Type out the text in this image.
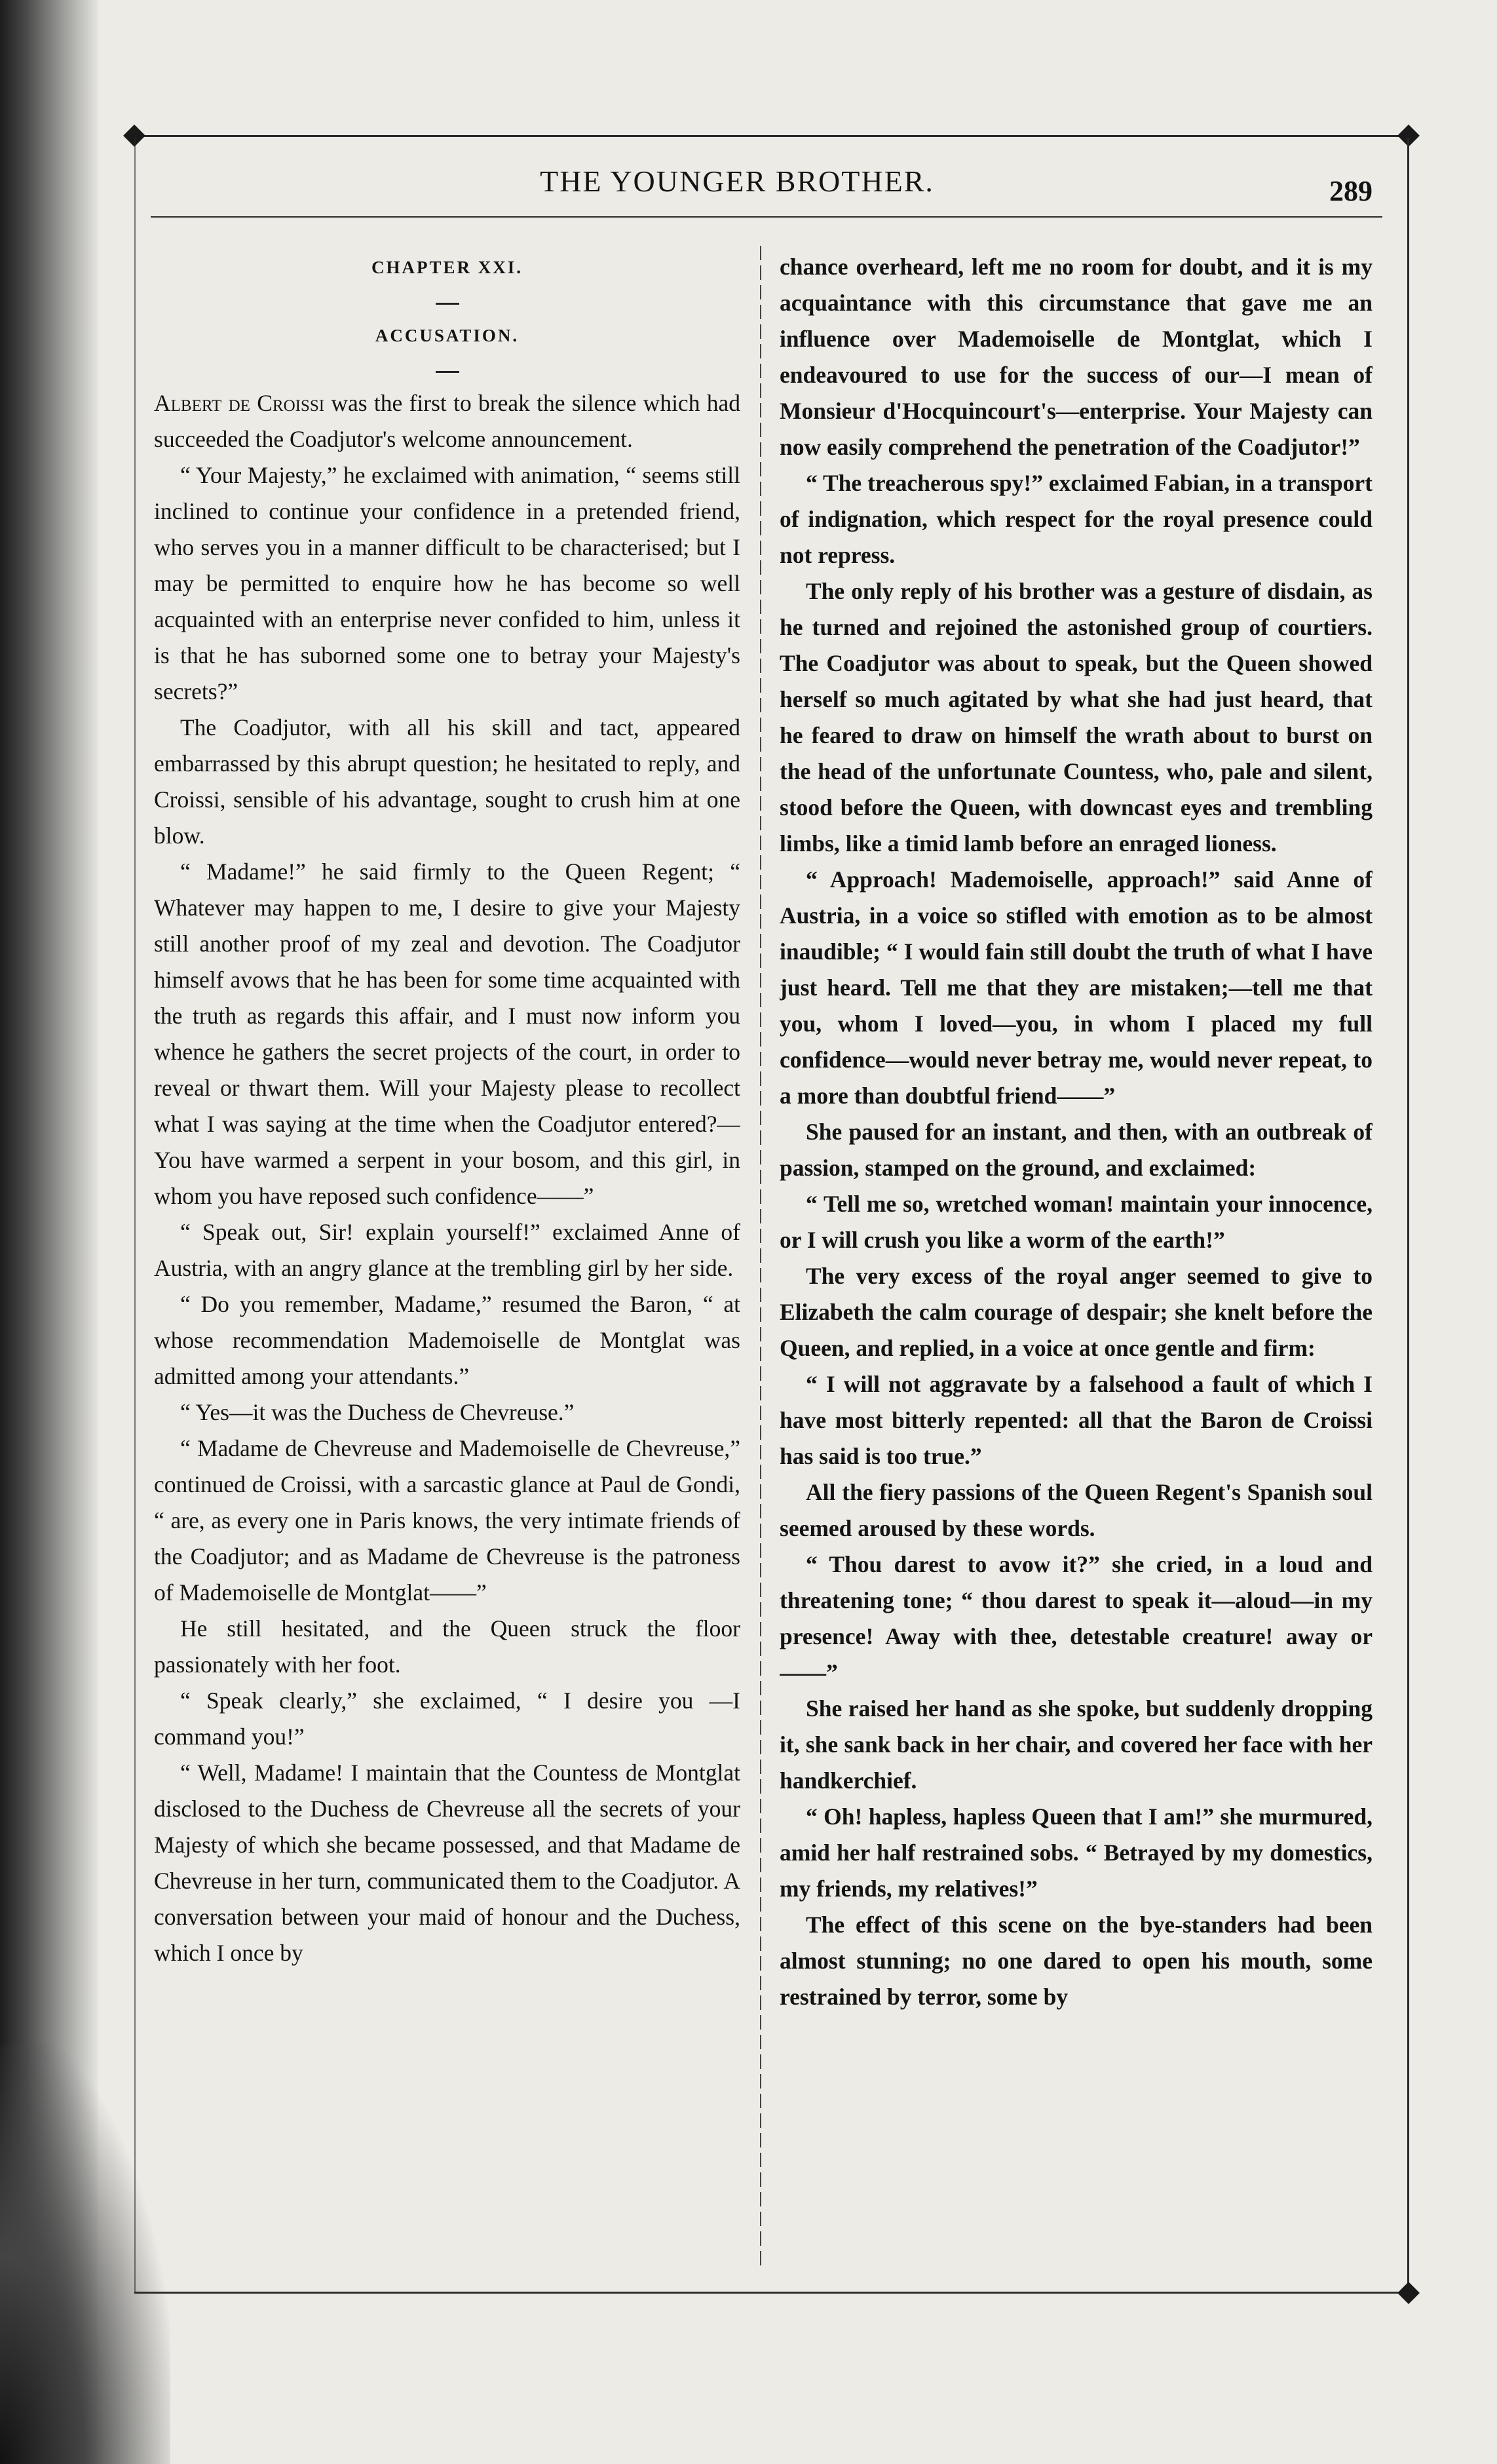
THE YOUNGER BROTHER.	289

CHAPTER XXI.

ACCUSATION.

Albert de Croissi was the first to break the silence which had succeeded the Coadjutor's welcome announcement.

“ Your Majesty,” he exclaimed with animation, “ seems still inclined to continue your confidence in a pretended friend, who serves you in a manner difficult to be characterised; but I may be permitted to enquire how he has become so well acquainted with an enterprise never confided to him, unless it is that he has suborned some one to betray your Majesty's secrets?”

The Coadjutor, with all his skill and tact, appeared embarrassed by this abrupt question; he hesitated to reply, and Croissi, sensible of his advantage, sought to crush him at one blow.

“ Madame!” he said firmly to the Queen Regent; “ Whatever may happen to me, I desire to give your Majesty still another proof of my zeal and devotion. The Coadjutor himself avows that he has been for some time acquainted with the truth as regards this affair, and I must now inform you whence he gathers the secret projects of the court, in order to reveal or thwart them. Will your Majesty please to recollect what I was saying at the time when the Coadjutor entered?—You have warmed a serpent in your bosom, and this girl, in whom you have reposed such confidence——”

“ Speak out, Sir! explain yourself!” exclaimed Anne of Austria, with an angry glance at the trembling girl by her side.

“ Do you remember, Madame,” resumed the Baron, “ at whose recommendation Mademoiselle de Montglat was admitted among your attendants.”

“ Yes—it was the Duchess de Chevreuse.”

“ Madame de Chevreuse and Mademoiselle de Chevreuse,” continued de Croissi, with a sarcastic glance at Paul de Gondi, “ are, as every one in Paris knows, the very intimate friends of the Coadjutor; and as Madame de Chevreuse is the patroness of Mademoiselle de Montglat——”

He still hesitated, and the Queen struck the floor passionately with her foot.

“ Speak clearly,” she exclaimed, “ I desire you —I command you!”

“ Well, Madame! I maintain that the Countess de Montglat disclosed to the Duchess de Chevreuse all the secrets of your Majesty of which she became possessed, and that Madame de Chevreuse in her turn, communicated them to the Coadjutor. A conversation between your maid of honour and the Duchess, which I once by

chance overheard, left me no room for doubt, and it is my acquaintance with this circumstance that gave me an influence over Mademoiselle de Montglat, which I endeavoured to use for the success of our—I mean of Monsieur d'Hocquincourt's—enterprise. Your Majesty can now easily comprehend the penetration of the Coadjutor!”

“ The treacherous spy!” exclaimed Fabian, in a transport of indignation, which respect for the royal presence could not repress.

The only reply of his brother was a gesture of disdain, as he turned and rejoined the astonished group of courtiers. The Coadjutor was about to speak, but the Queen showed herself so much agitated by what she had just heard, that he feared to draw on himself the wrath about to burst on the head of the unfortunate Countess, who, pale and silent, stood before the Queen, with downcast eyes and trembling limbs, like a timid lamb before an enraged lioness.

“ Approach! Mademoiselle, approach!” said Anne of Austria, in a voice so stifled with emotion as to be almost inaudible; “ I would fain still doubt the truth of what I have just heard. Tell me that they are mistaken;—tell me that you, whom I loved—you, in whom I placed my full confidence—would never betray me, would never repeat, to a more than doubtful friend——”

She paused for an instant, and then, with an outbreak of passion, stamped on the ground, and exclaimed:

“ Tell me so, wretched woman! maintain your innocence, or I will crush you like a worm of the earth!”

The very excess of the royal anger seemed to give to Elizabeth the calm courage of despair; she knelt before the Queen, and replied, in a voice at once gentle and firm:

“ I will not aggravate by a falsehood a fault of which I have most bitterly repented: all that the Baron de Croissi has said is too true.”

All the fiery passions of the Queen Regent's Spanish soul seemed aroused by these words.

“ Thou darest to avow it?” she cried, in a loud and threatening tone; “ thou darest to speak it—aloud—in my presence! Away with thee, detestable creature! away or——”

She raised her hand as she spoke, but suddenly dropping it, she sank back in her chair, and covered her face with her handkerchief.

“ Oh! hapless, hapless Queen that I am!” she murmured, amid her half restrained sobs. “ Betrayed by my domestics, my friends, my relatives!”

The effect of this scene on the bye-standers had been almost stunning; no one dared to open his mouth, some restrained by terror, some by
